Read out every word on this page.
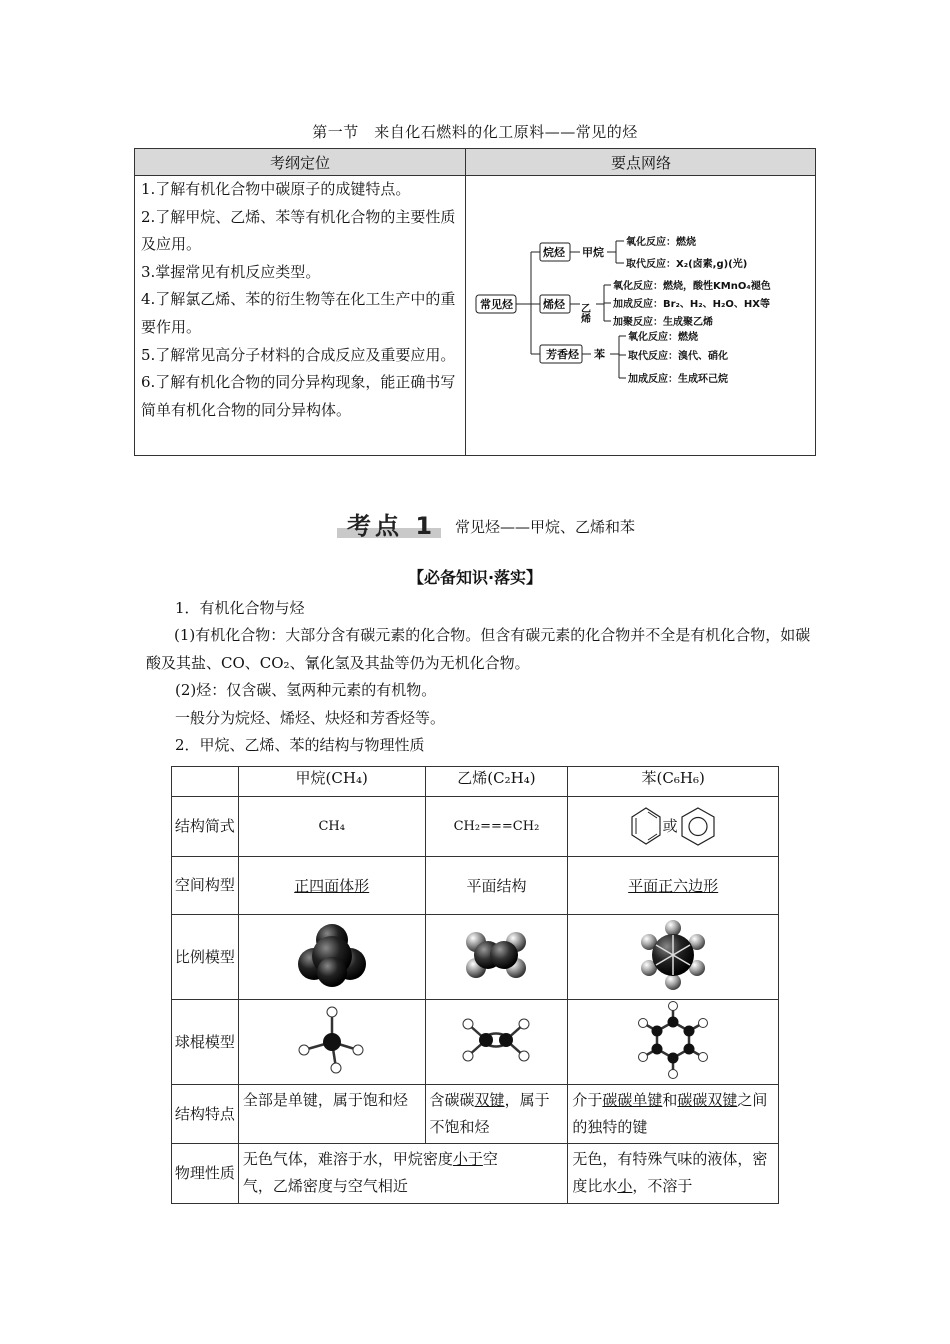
第一节　来自化石燃料的化工原料——常见的烃
考纲定位	要点网络
1.了解有机化合物中碳原子的成键特点。
2.了解甲烷、乙烯、苯等有机化合物的主要性质及应用。
3.掌握常见有机反应类型。
4.了解氯乙烯、苯的衍生物等在化工生产中的重要作用。
5.了解常见高分子材料的合成反应及重要应用。
6.了解有机化合物的同分异构现象，能正确书写简单有机化合物的同分异构体。
常见烃
烷烃
烯烃
芳香烃
甲烷
乙烯
苯
氧化反应：燃烧
取代反应：X₂(卤素,g)(光)
氧化反应：燃烧，酸性KMnO₄褪色
加成反应：Br₂、H₂、H₂O、HX等
加聚反应：生成聚乙烯
氧化反应：燃烧
取代反应：溴代、硝化
加成反应：生成环己烷
考点 1 常见烃——甲烷、乙烯和苯
【必备知识·落实】
1．有机化合物与烃
(1)有机化合物：大部分含有碳元素的化合物。但含有碳元素的化合物并不全是有机化合物，如碳酸及其盐、CO、CO₂、氰化氢及其盐等仍为无机化合物。
(2)烃：仅含碳、氢两种元素的有机物。
一般分为烷烃、烯烃、炔烃和芳香烃等。
2．甲烷、乙烯、苯的结构与物理性质
	甲烷(CH₄)	乙烯(C₂H₄)	苯(C₆H₆)
结构简式	CH₄	CH₂===CH₂	或
空间构型	正四面体形	平面结构	平面正六边形
比例模型			
球棍模型			
结构特点	全部是单键，属于饱和烃	含碳碳双键，属于不饱和烃	介于碳碳单键和碳碳双键之间的独特的键
物理性质	无色气体，难溶于水，甲烷密度小于空气，乙烯密度与空气相近		无色，有特殊气味的液体，密度比水小，不溶于
